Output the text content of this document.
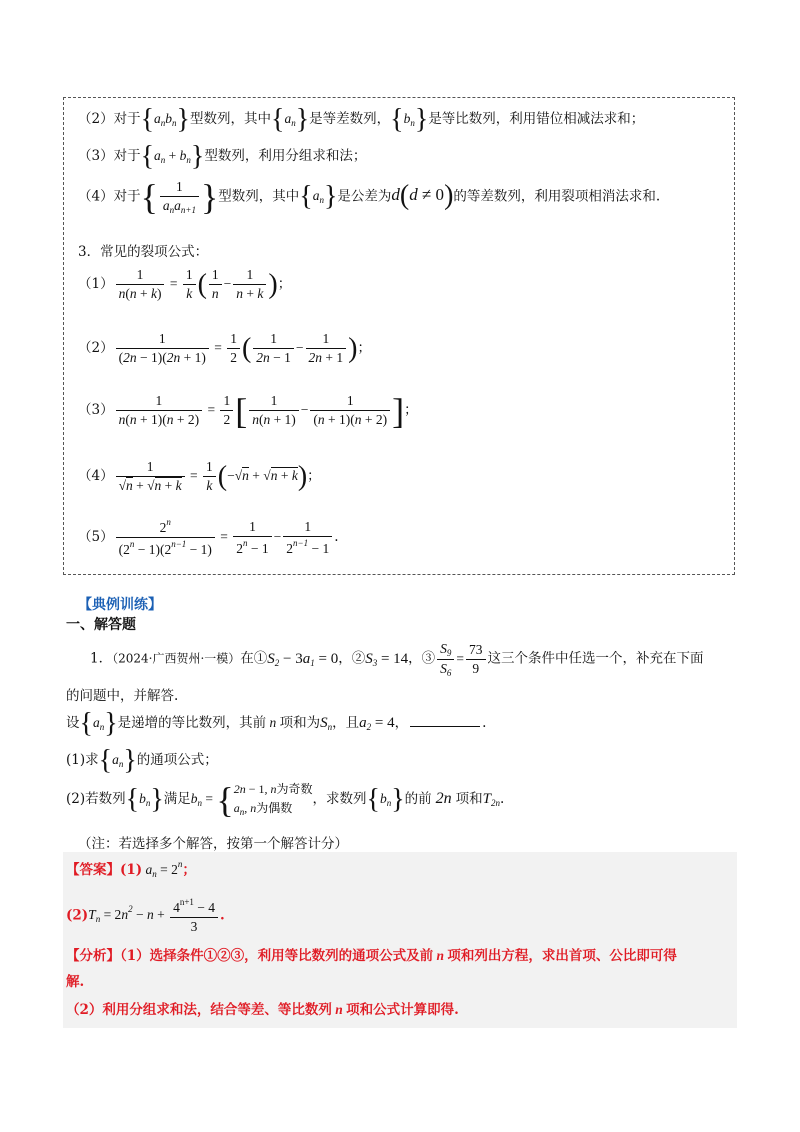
（2）对于$\{a_nb_n\}$型数列，其中$\{a_n\}$是等差数列，$\{b_n\}$是等比数列，利用错位相减法求和；
（3）对于$\{a_n + b_n\}$型数列，利用分组求和法；
（4）对于{ $\frac{1}{a_na_{n+1}}$ }型数列，其中$\{a_n\}$是公差为d(d ≠ 0)的等差数列，利用裂项相消法求和.
3．常见的裂项公式：
$(1) \frac{1}{n(n + k)} = \frac{1}{k}$ ( $\frac{1}{n} - \frac{1}{n + k}$ )；
$(2) \frac{1}{(2n - 1)(2n + 1)} = \frac{1}{2}$ ( $\frac{1}{2n - 1} - \frac{1}{2n + 1}$ )；
$(3) \frac{1}{n(n + 1)(n + 2)} = \frac{1}{2}$ [ $\frac{1}{n(n + 1)} - \frac{1}{(n + 1)(n + 2)}$ ]；
$(4) \frac{1}{√n + √n + k} = \frac{1}{k} (-√n + √n + k)$；
$(5) \frac{2^n}{(2^n - 1)(2^{n-1} - 1)} = \frac{1}{2^n - 1} - \frac{1}{2^{n-1} - 1}$ .
【典例训练】
一、解答题
1．（2024·广西贺州·一模）在$①S_2 - 3a_1 = 0$，$②S_3 = 14$，③ $\frac{S_9}{S_6} = \frac{73}{9}$ 这三个条件中任选一个，补充在下面
的问题中，并解答.
设$\{a_n\}$是递增的等比数列，其前 n 项和为$S_n$，且$a_2 = 4$，	.
(1)求$\{a_n\}$的通项公式；
(2)若数列$\{b_n\}$满足$b_n$ = { 2n − 1, n为奇数
$a_n$, n为偶数
，求数列$\{b_n\}$的前 2n 项和$T_{2n}$.
（注：若选择多个解答，按第一个解答计分）
【答案】(1) $a_n = 2^n$；
$(2)T_n = 2n^2 - n + \frac{4^{n+1} - 4}{3}$ .
【分析】（1）选择条件①②③，利用等比数列的通项公式及前 n 项和列出方程，求出首项、公比即可得
解.
（2）利用分组求和法，结合等差、等比数列 n 项和公式计算即得.
